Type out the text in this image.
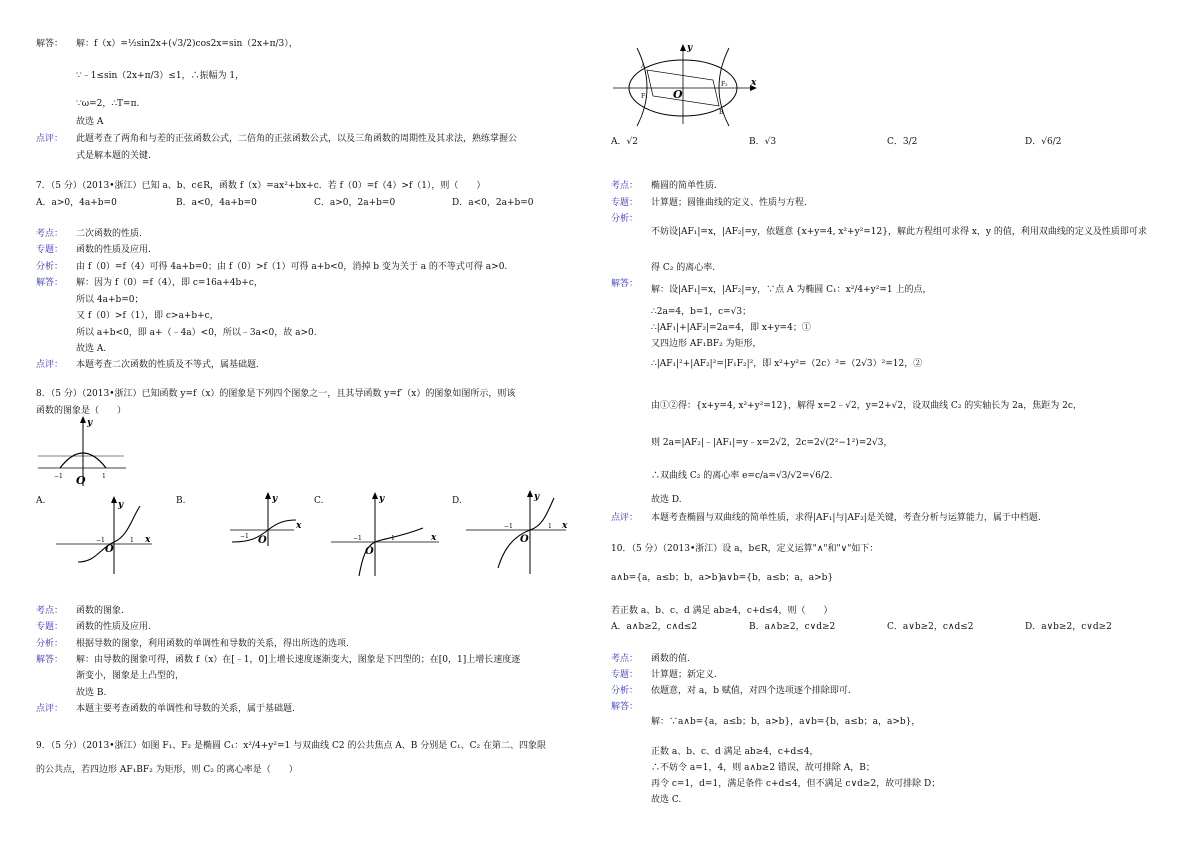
解答： 解：f（x）=½sin2x+(√3/2)cos2x=sin（2x+π/3），
∵﹣1≤sin（2x+π/3）≤1，∴振幅为 1，
∵ω=2，∴T=π.
故选 A
点评： 此题考查了两角和与差的正弦函数公式，二倍角的正弦函数公式，以及三角函数的周期性及其求法，熟练掌握公
式是解本题的关键.
7．（5 分）（2013•浙江）已知 a、b、c∈R，函数 f（x）=ax²+bx+c．若 f（0）=f（4）>f（1），则（　　）
A．a>0，4a+b=0	B．a<0，4a+b=0	C．a>0，2a+b=0	D．a<0，2a+b=0
考点： 二次函数的性质.
专题： 函数的性质及应用.
分析： 由 f（0）=f（4）可得 4a+b=0；由 f（0）>f（1）可得 a+b<0，消掉 b 变为关于 a 的不等式可得 a>0.
解答： 解：因为 f（0）=f（4），即 c=16a+4b+c，
所以 4a+b=0；
又 f（0）>f（1），即 c>a+b+c，
所以 a+b<0，即 a+（﹣4a）<0，所以﹣3a<0，故 a>0.
故选 A.
点评： 本题考查二次函数的性质及不等式，属基础题.
8．（5 分）（2013•浙江）已知函数 y=f（x）的图象是下列四个图象之一，且其导函数 y=f′（x）的图象如图所示，则该
函数的图象是（　　）
y
O
−1	1
A.	B.	C.	D.
y
x
O
−1	1
y
x
O
−1
y
x
O
−1	1
y
x
O
−1	1
考点： 函数的图象.
专题： 函数的性质及应用.
分析： 根据导数的图象，利用函数的单调性和导数的关系，得出所选的选项.
解答： 解：由导数的图象可得，函数 f（x）在[﹣1，0]上增长速度逐渐变大，图象是下凹型的；在[0，1]上增长速度逐
渐变小，图象是上凸型的，
故选 B.
点评： 本题主要考查函数的单调性和导数的关系，属于基础题.
9．（5 分）（2013•浙江）如图 F₁、F₂ 是椭圆 C₁：x²/4+y²=1 与双曲线 C2 的公共焦点 A、B 分别是 C₁、C₂ 在第二、四象限
的公共点，若四边形 AF₁BF₂ 为矩形，则 C₂ 的离心率是（　　）
x
y
O
A
B
F₁
F₂
A．√2	B．√3	C．3/2	D．√6/2
考点： 椭圆的简单性质.
专题： 计算题；圆锥曲线的定义、性质与方程.
分析：
不妨设|AF₁|=x，|AF₂|=y，依题意 {x+y=4, x²+y²=12}，解此方程组可求得 x，y 的值，利用双曲线的定义及性质即可求
得 C₂ 的离心率.
解答：
解：设|AF₁|=x，|AF₂|=y，∵点 A 为椭圆 C₁：x²/4+y²=1 上的点，
∴2a=4，b=1，c=√3；
∴|AF₁|+|AF₂|=2a=4，即 x+y=4；①
又四边形 AF₁BF₂ 为矩形，
∴|AF₁|²+|AF₂|²=|F₁F₂|²，即 x²+y²=（2c）²=（2√3）²=12，②
由①②得：{x+y=4, x²+y²=12}，解得 x=2﹣√2，y=2+√2，设双曲线 C₂ 的实轴长为 2a，焦距为 2c，
则 2a=|AF₂|﹣|AF₁|=y﹣x=2√2，2c=2√(2²−1²)=2√3，
∴双曲线 C₂ 的离心率 e=c/a=√3/√2=√6/2.
故选 D.
点评： 本题考查椭圆与双曲线的简单性质，求得|AF₁|与|AF₂|是关键，考查分析与运算能力，属于中档题.
10．（5 分）（2013•浙江）设 a，b∈R，定义运算"∧"和"∨"如下：
a∧b={a，a≤b；b，a>b}
a∨b={b，a≤b；a，a>b}
若正数 a、b、c、d 满足 ab≥4，c+d≤4，则（　　）
A．a∧b≥2，c∧d≤2	B．a∧b≥2，c∨d≥2	C．a∨b≥2，c∧d≤2	D．a∨b≥2，c∨d≥2
考点： 函数的值.
专题： 计算题；新定义.
分析： 依题意，对 a，b 赋值，对四个选项逐个排除即可.
解答：
解：∵a∧b={a，a≤b；b，a>b}，a∨b={b，a≤b；a，a>b}，
正数 a、b、c、d 满足 ab≥4，c+d≤4，
∴不妨令 a=1，4，则 a∧b≥2 错误，故可排除 A，B；
再令 c=1，d=1，满足条件 c+d≤4，但不满足 c∨d≥2，故可排除 D；
故选 C.
